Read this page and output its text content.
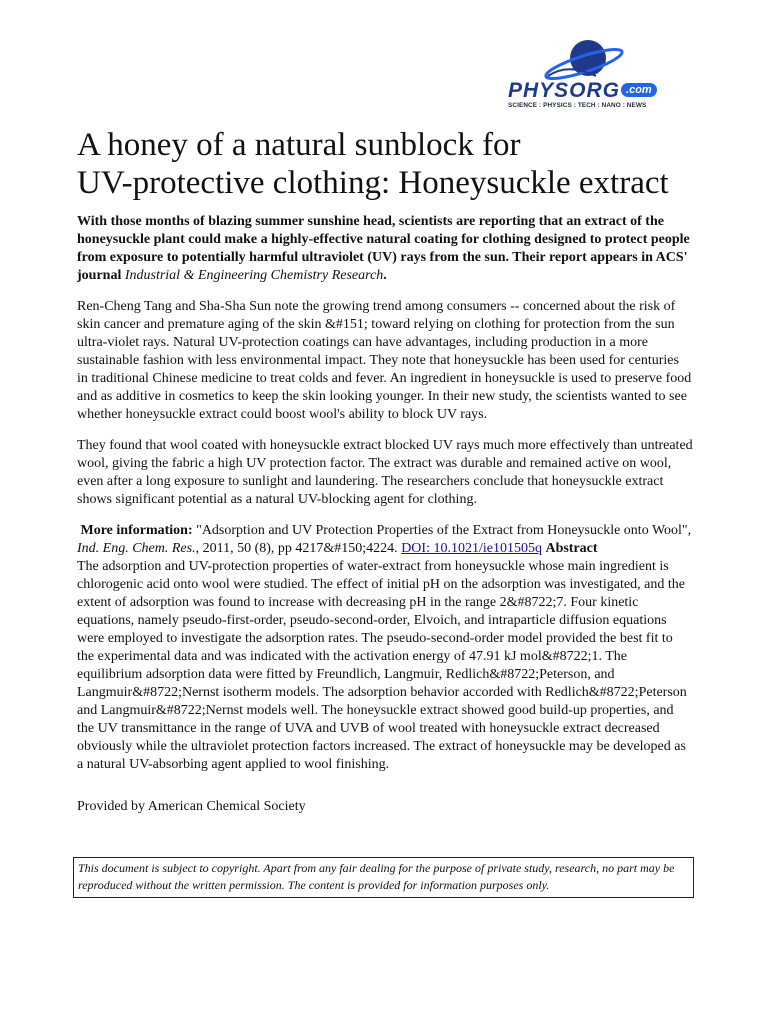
PHYSORG .com
SCIENCE : PHYSICS : TECH : NANO : NEWS
A honey of a natural sunblock for
UV-protective clothing: Honeysuckle extract

With those months of blazing summer sunshine head, scientists are reporting that an extract of the honeysuckle plant could make a highly-effective natural coating for clothing designed to protect people from exposure to potentially harmful ultraviolet (UV) rays from the sun. Their report appears in ACS' journal Industrial & Engineering Chemistry Research.

Ren-Cheng Tang and Sha-Sha Sun note the growing trend among consumers -- concerned about the risk of skin cancer and premature aging of the skin &#151; toward relying on clothing for protection from the sun ultra-violet rays. Natural UV-protection coatings can have advantages, including production in a more sustainable fashion with less environmental impact. They note that honeysuckle has been used for centuries in traditional Chinese medicine to treat colds and fever. An ingredient in honeysuckle is used to preserve food and as additive in cosmetics to keep the skin looking younger. In their new study, the scientists wanted to see whether honeysuckle extract could boost wool's ability to block UV rays.

They found that wool coated with honeysuckle extract blocked UV rays much more effectively than untreated wool, giving the fabric a high UV protection factor. The extract was durable and remained active on wool, even after a long exposure to sunlight and laundering. The researchers conclude that honeysuckle extract shows significant potential as a natural UV-blocking agent for clothing.

More information: "Adsorption and UV Protection Properties of the Extract from Honeysuckle onto Wool", Ind. Eng. Chem. Res., 2011, 50 (8), pp 4217&#150;4224. DOI: 10.1021/ie101505q Abstract
The adsorption and UV-protection properties of water-extract from honeysuckle whose main ingredient is chlorogenic acid onto wool were studied. The effect of initial pH on the adsorption was investigated, and the extent of adsorption was found to increase with decreasing pH in the range 2&#8722;7. Four kinetic equations, namely pseudo-first-order, pseudo-second-order, Elvoich, and intraparticle diffusion equations were employed to investigate the adsorption rates. The pseudo-second-order model provided the best fit to the experimental data and was indicated with the activation energy of 47.91 kJ mol&#8722;1. The equilibrium adsorption data were fitted by Freundlich, Langmuir, Redlich&#8722;Peterson, and Langmuir&#8722;Nernst isotherm models. The adsorption behavior accorded with Redlich&#8722;Peterson and Langmuir&#8722;Nernst models well. The honeysuckle extract showed good build-up properties, and the UV transmittance in the range of UVA and UVB of wool treated with honeysuckle extract decreased obviously while the ultraviolet protection factors increased. The extract of honeysuckle may be developed as a natural UV-absorbing agent applied to wool finishing.

Provided by American Chemical Society

This document is subject to copyright. Apart from any fair dealing for the purpose of private study, research, no part may be reproduced without the written permission. The content is provided for information purposes only.
